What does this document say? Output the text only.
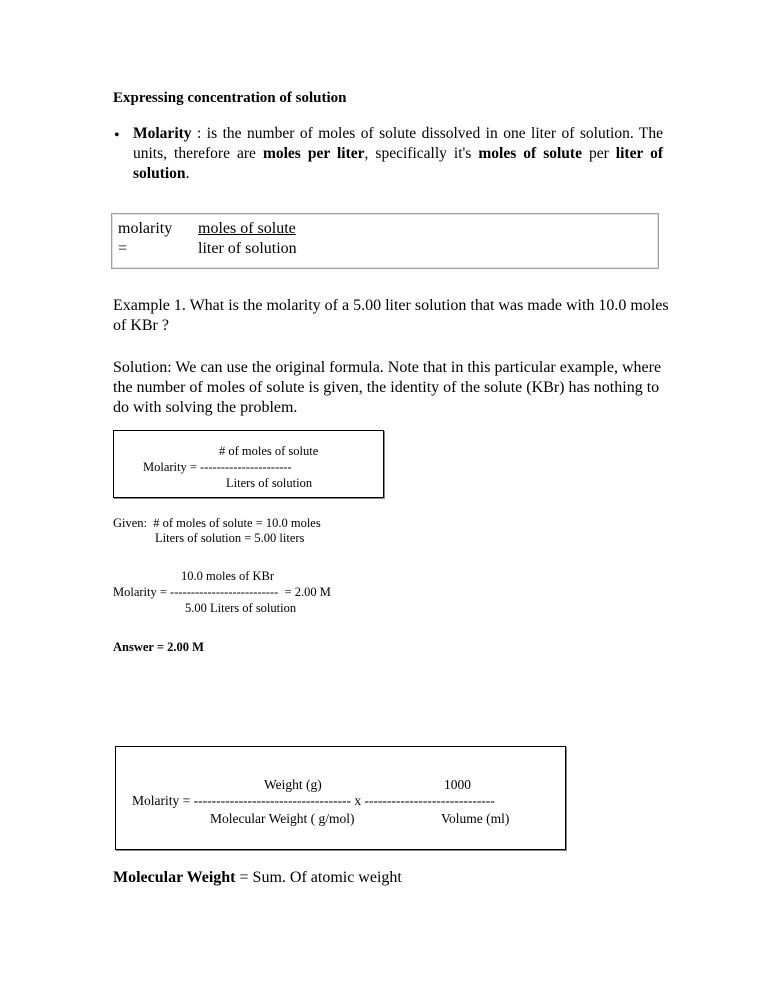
Expressing concentration of solution
• Molarity : is the number of moles of solute dissolved in one liter of solution. The units, therefore are moles per liter, specifically it's moles of solute per liter of solution.
molarity
=
moles of solute
liter of solution
Example 1. What is the molarity of a 5.00 liter solution that was made with 10.0 moles of KBr ?
Solution: We can use the original formula. Note that in this particular example, where the number of moles of solute is given, the identity of the solute (KBr) has nothing to do with solving the problem.
# of moles of solute
Molarity = ----------------------
Liters of solution
Given:  # of moles of solute = 10.0 moles
Liters of solution = 5.00 liters
10.0 moles of KBr
Molarity = --------------------------  = 2.00 M
5.00 Liters of solution
Answer = 2.00 M
Weight (g)	1000
Molarity = ----------------------------------- x -----------------------------
Molecular Weight ( g/mol)	Volume (ml)
Molecular Weight = Sum. Of atomic weight
